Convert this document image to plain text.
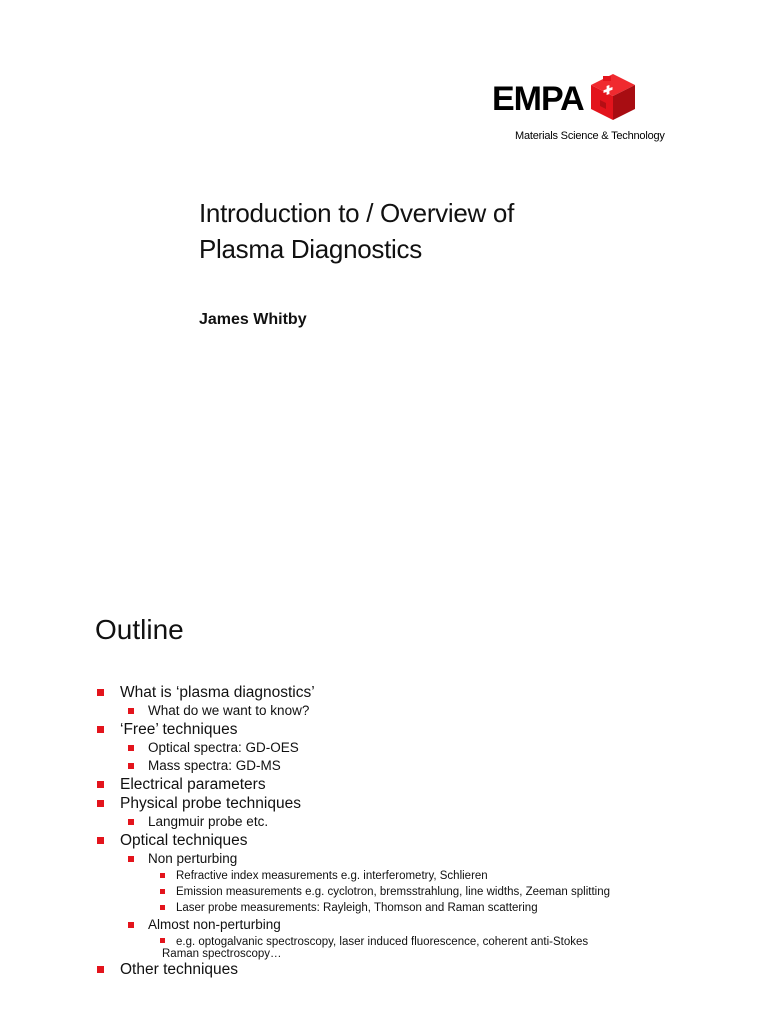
EMPA
Materials Science & Technology
Introduction to / Overview of
Plasma Diagnostics
James Whitby
Outline
What is ‘plasma diagnostics’
What do we want to know?
‘Free’ techniques
Optical spectra: GD-OES
Mass spectra: GD-MS
Electrical parameters
Physical probe techniques
Langmuir probe etc.
Optical techniques
Non perturbing
Refractive index measurements e.g. interferometry, Schlieren
Emission measurements e.g. cyclotron, bremsstrahlung, line widths, Zeeman splitting
Laser probe measurements: Rayleigh, Thomson and Raman scattering
Almost non-perturbing
e.g. optogalvanic spectroscopy, laser induced fluorescence, coherent anti-Stokes
Raman spectroscopy…
Other techniques
